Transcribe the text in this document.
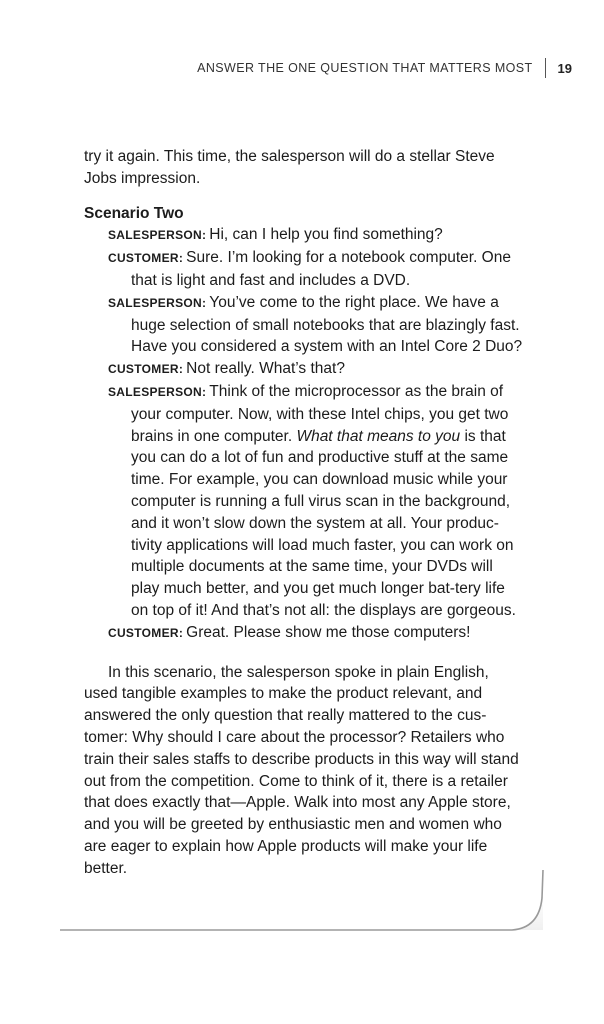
ANSWER THE ONE QUESTION THAT MATTERS MOST	19

try it again. This time, the salesperson will do a stellar Steve Jobs impression.

Scenario Two

SALESPERSON: Hi, can I help you find something?

CUSTOMER: Sure. I’m looking for a notebook computer. One that is light and fast and includes a DVD.

SALESPERSON: You’ve come to the right place. We have a huge selection of small notebooks that are blazingly fast. Have you considered a system with an Intel Core 2 Duo?

CUSTOMER: Not really. What’s that?

SALESPERSON: Think of the microprocessor as the brain of your computer. Now, with these Intel chips, you get two brains in one computer. What that means to you is that you can do a lot of fun and productive stuff at the same time. For example, you can download music while your computer is running a full virus scan in the background, and it won’t slow down the system at all. Your produc-tivity applications will load much faster, you can work on multiple documents at the same time, your DVDs will play much better, and you get much longer bat-tery life on top of it! And that’s not all: the displays are gorgeous.

CUSTOMER: Great. Please show me those computers!

In this scenario, the salesperson spoke in plain English, used tangible examples to make the product relevant, and answered the only question that really mattered to the cus-tomer: Why should I care about the processor? Retailers who train their sales staffs to describe products in this way will stand out from the competition. Come to think of it, there is a retailer that does exactly that—Apple. Walk into most any Apple store, and you will be greeted by enthusiastic men and women who are eager to explain how Apple products will make your life better.
